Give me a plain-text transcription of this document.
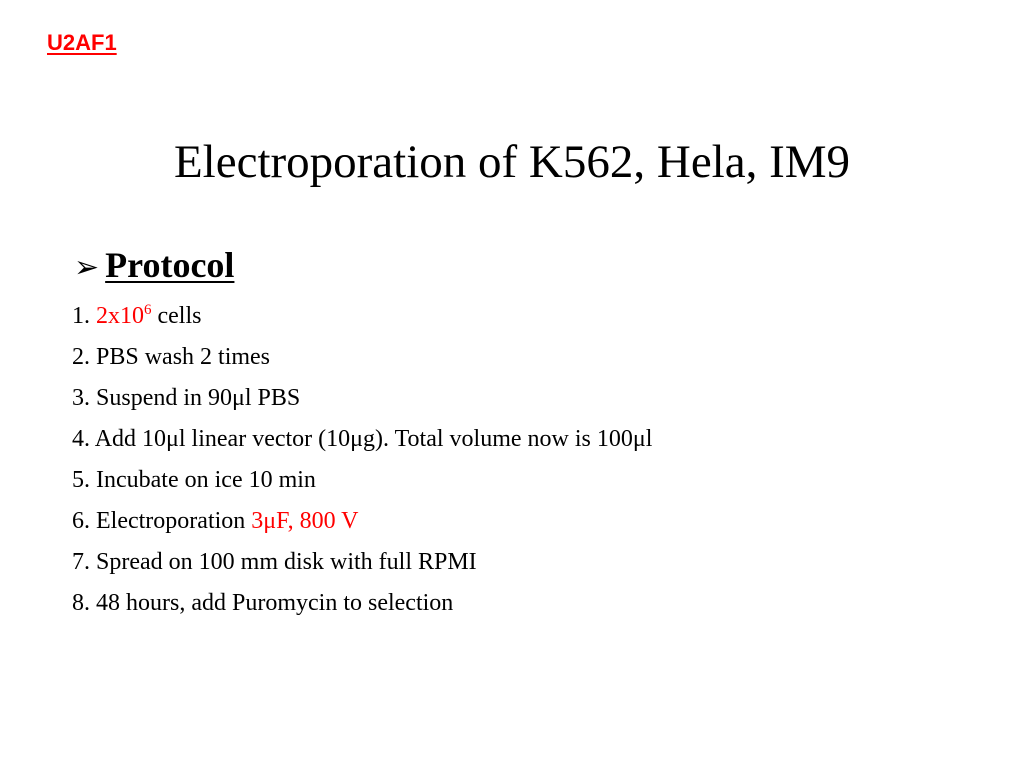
U2AF1
Electroporation of K562, Hela, IM9
➢ Protocol
1. $2x10^6$ cells
2. PBS wash 2 times
3. Suspend in 90μl PBS
4. Add 10μl linear vector (10μg). Total volume now is 100μl
5. Incubate on ice 10 min
6. Electroporation 3μF, 800 V
7. Spread on 100 mm disk with full RPMI
8. 48 hours, add Puromycin to selection
